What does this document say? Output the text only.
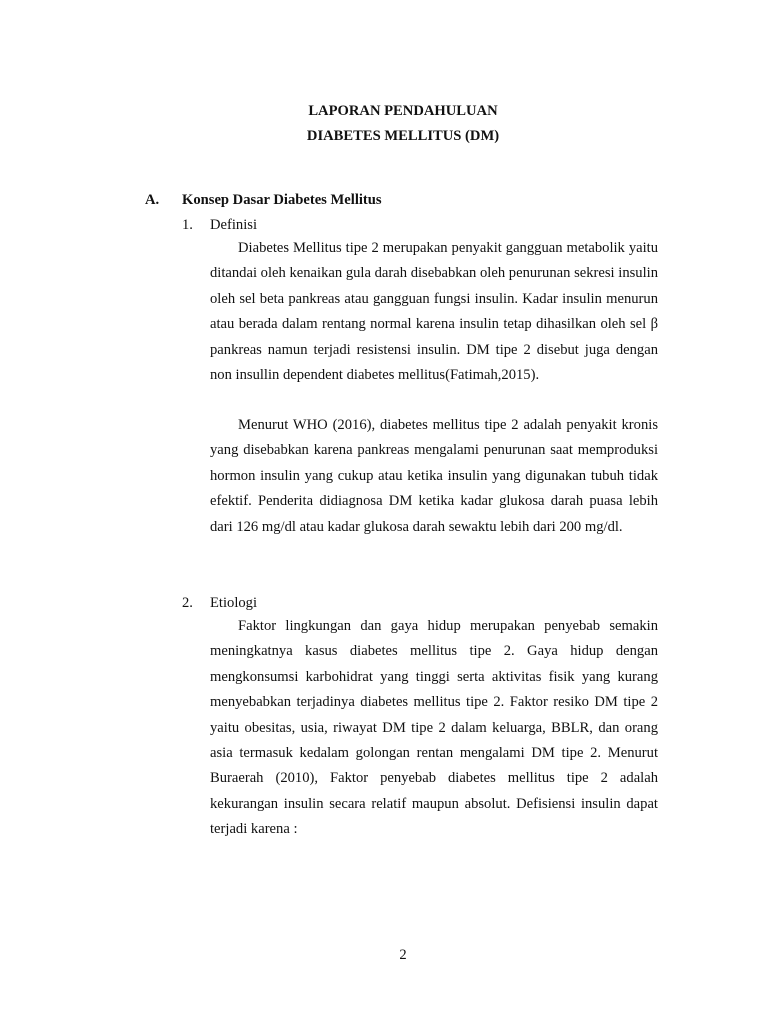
LAPORAN PENDAHULUAN
DIABETES MELLITUS (DM)
A. Konsep Dasar Diabetes Mellitus
1. Definisi

Diabetes Mellitus tipe 2 merupakan penyakit gangguan metabolik yaitu ditandai oleh kenaikan gula darah disebabkan oleh penurunan sekresi insulin oleh sel beta pankreas atau gangguan fungsi insulin. Kadar insulin menurun atau berada dalam rentang normal karena insulin tetap dihasilkan oleh sel β pankreas namun terjadi resistensi insulin. DM tipe 2 disebut juga dengan non insullin dependent diabetes mellitus(Fatimah,2015).

Menurut WHO (2016), diabetes mellitus tipe 2 adalah penyakit kronis yang disebabkan karena pankreas mengalami penurunan saat memproduksi hormon insulin yang cukup atau ketika insulin yang digunakan tubuh tidak efektif. Penderita didiagnosa DM ketika kadar glukosa darah puasa lebih dari 126 mg/dl atau kadar glukosa darah sewaktu lebih dari 200 mg/dl.

2. Etiologi

Faktor lingkungan dan gaya hidup merupakan penyebab semakin meningkatnya kasus diabetes mellitus tipe 2. Gaya hidup dengan mengkonsumsi karbohidrat yang tinggi serta aktivitas fisik yang kurang menyebabkan terjadinya diabetes mellitus tipe 2. Faktor resiko DM tipe 2 yaitu obesitas, usia, riwayat DM tipe 2 dalam keluarga, BBLR, dan orang asia termasuk kedalam golongan rentan mengalami DM tipe 2. Menurut Buraerah (2010), Faktor penyebab diabetes mellitus tipe 2 adalah kekurangan insulin secara relatif maupun absolut. Defisiensi insulin dapat terjadi karena :

2
